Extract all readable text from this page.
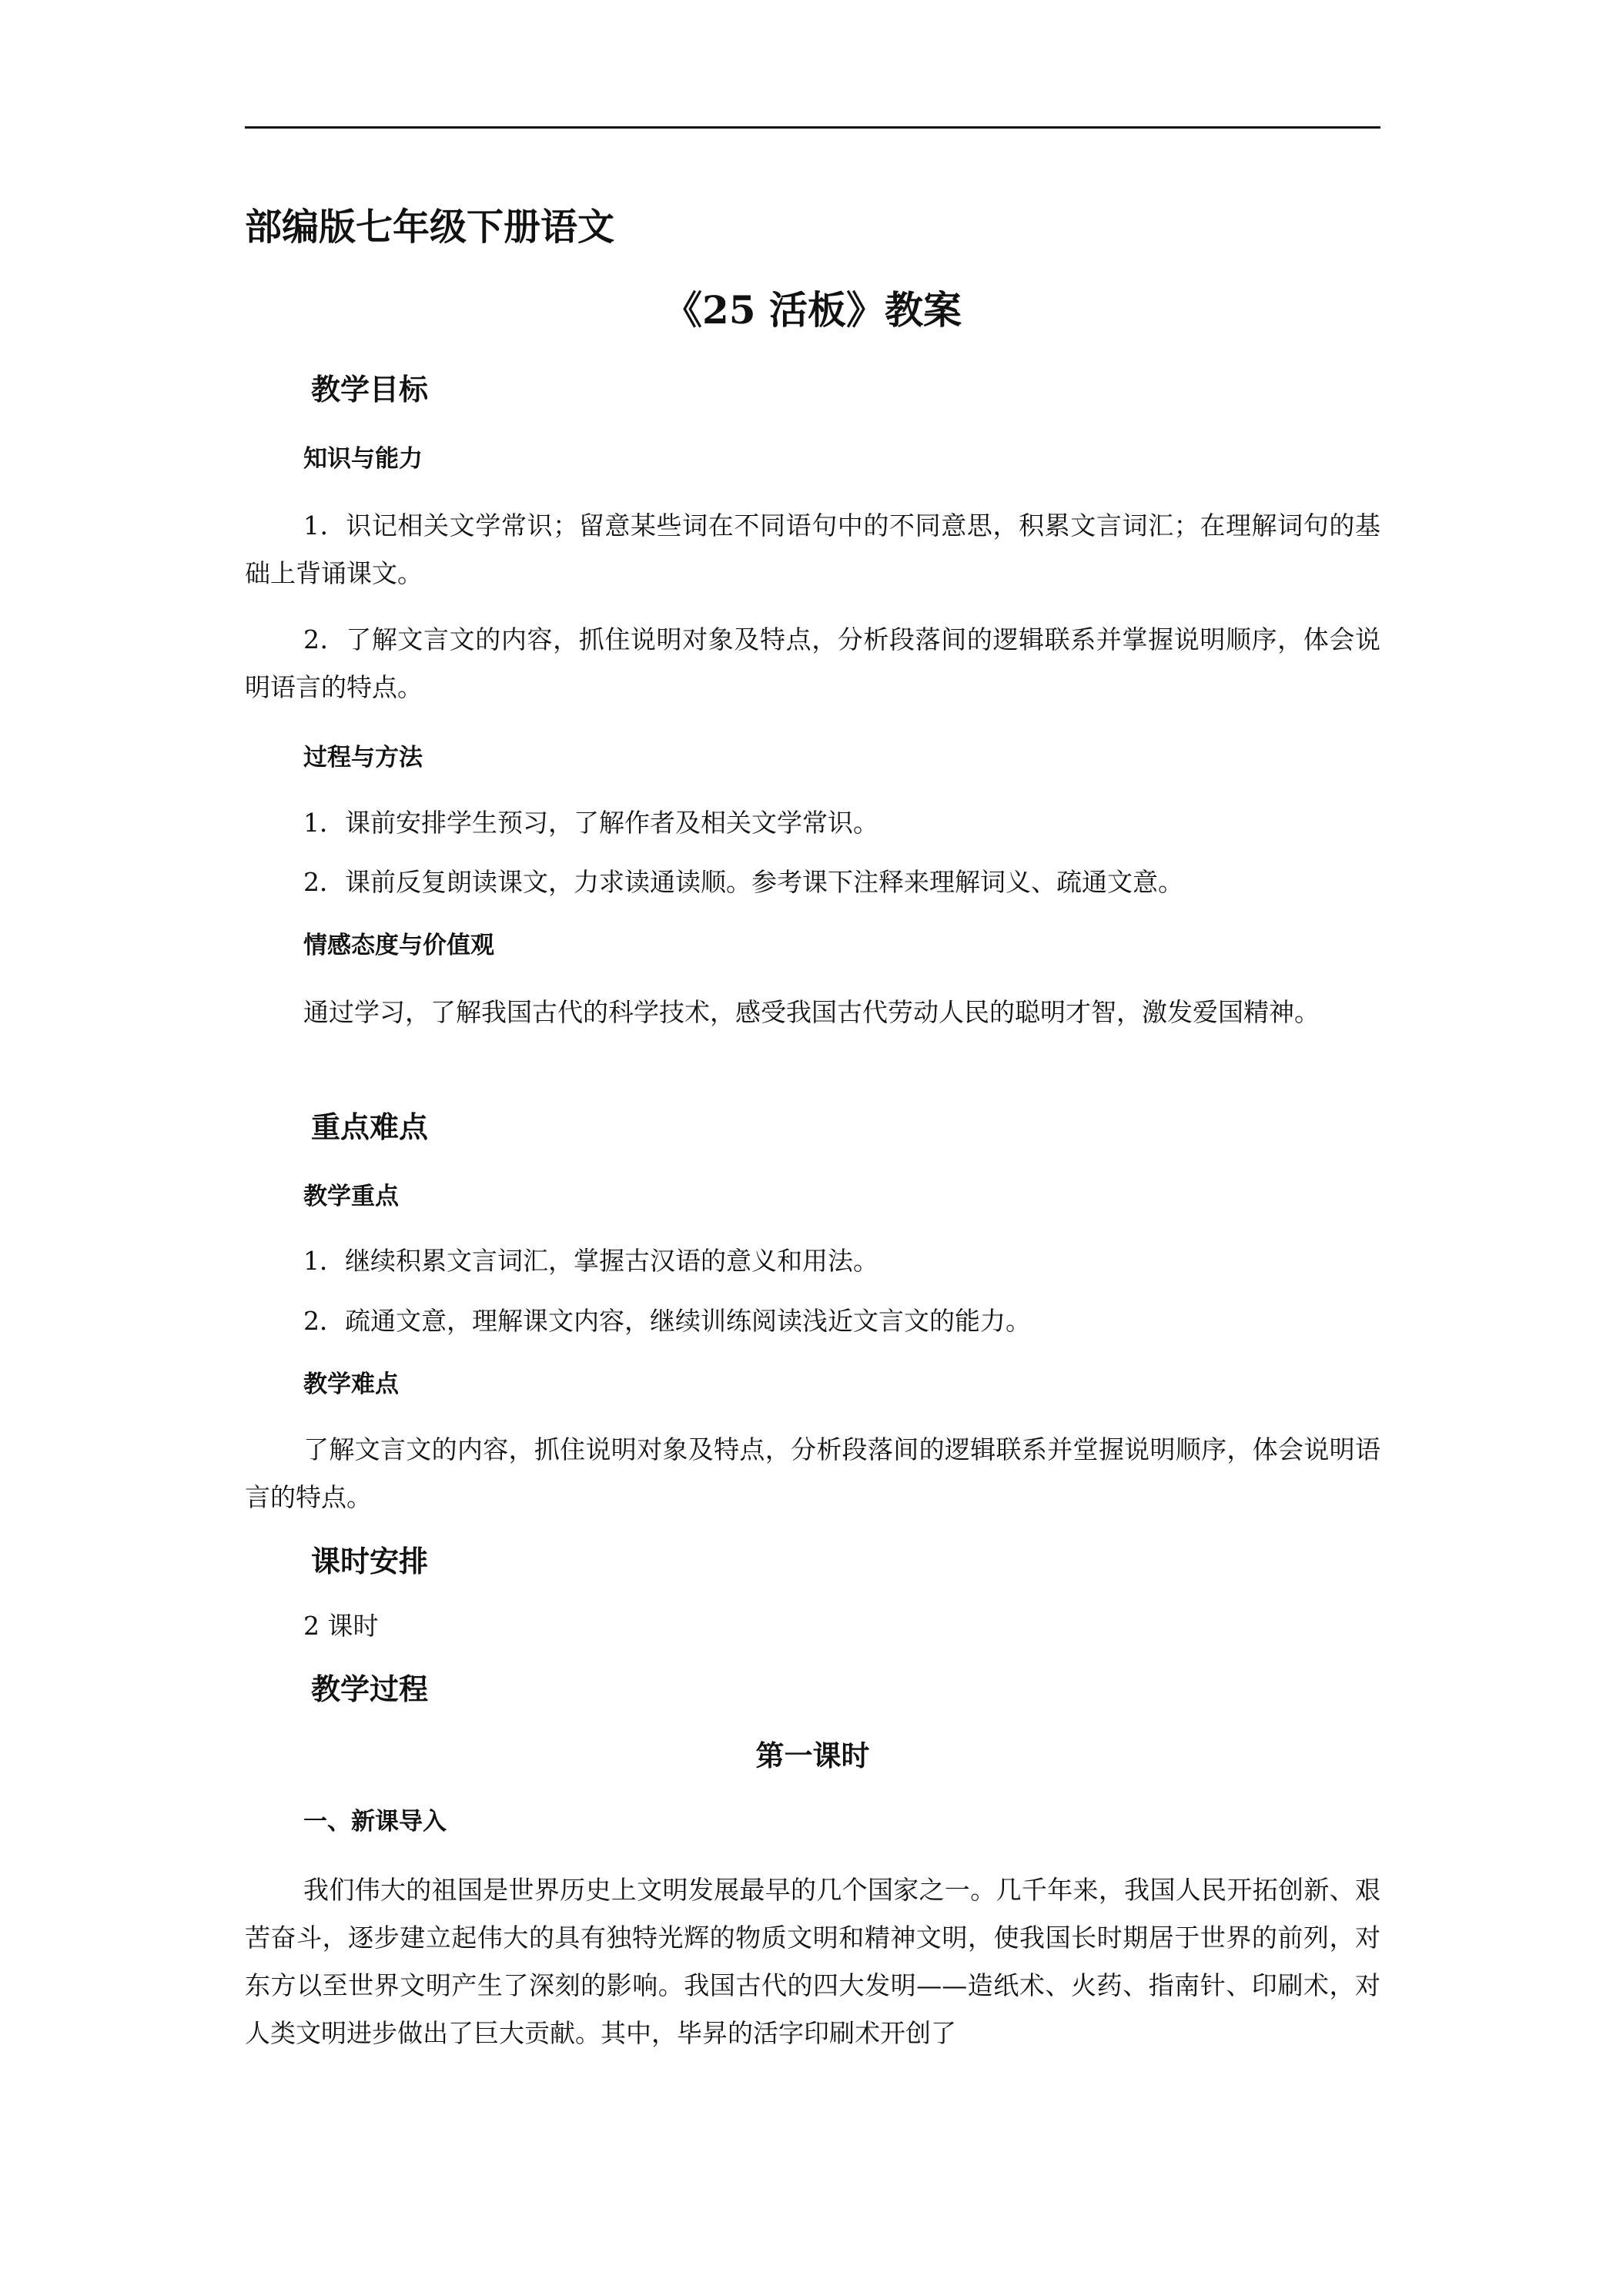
部编版七年级下册语文
《25 活板》教案
教学目标
知识与能力
1．识记相关文学常识；留意某些词在不同语句中的不同意思，积累文言词汇；在理解词句的基础上背诵课文。
2．了解文言文的内容，抓住说明对象及特点，分析段落间的逻辑联系并掌握说明顺序，体会说明语言的特点。
过程与方法
1．课前安排学生预习，了解作者及相关文学常识。
2．课前反复朗读课文，力求读通读顺。参考课下注释来理解词义、疏通文意。
情感态度与价值观
通过学习，了解我国古代的科学技术，感受我国古代劳动人民的聪明才智，激发爱国精神。
重点难点
教学重点
1．继续积累文言词汇，掌握古汉语的意义和用法。
2．疏通文意，理解课文内容，继续训练阅读浅近文言文的能力。
教学难点
了解文言文的内容，抓住说明对象及特点，分析段落间的逻辑联系并堂握说明顺序，体会说明语言的特点。
课时安排
2 课时
教学过程
第一课时
一、新课导入
我们伟大的祖国是世界历史上文明发展最早的几个国家之一。几千年来，我国人民开拓创新、艰苦奋斗，逐步建立起伟大的具有独特光辉的物质文明和精神文明，使我国长时期居于世界的前列，对东方以至世界文明产生了深刻的影响。我国古代的四大发明——造纸术、火药、指南针、印刷术，对人类文明进步做出了巨大贡献。其中，毕昇的活字印刷术开创了
